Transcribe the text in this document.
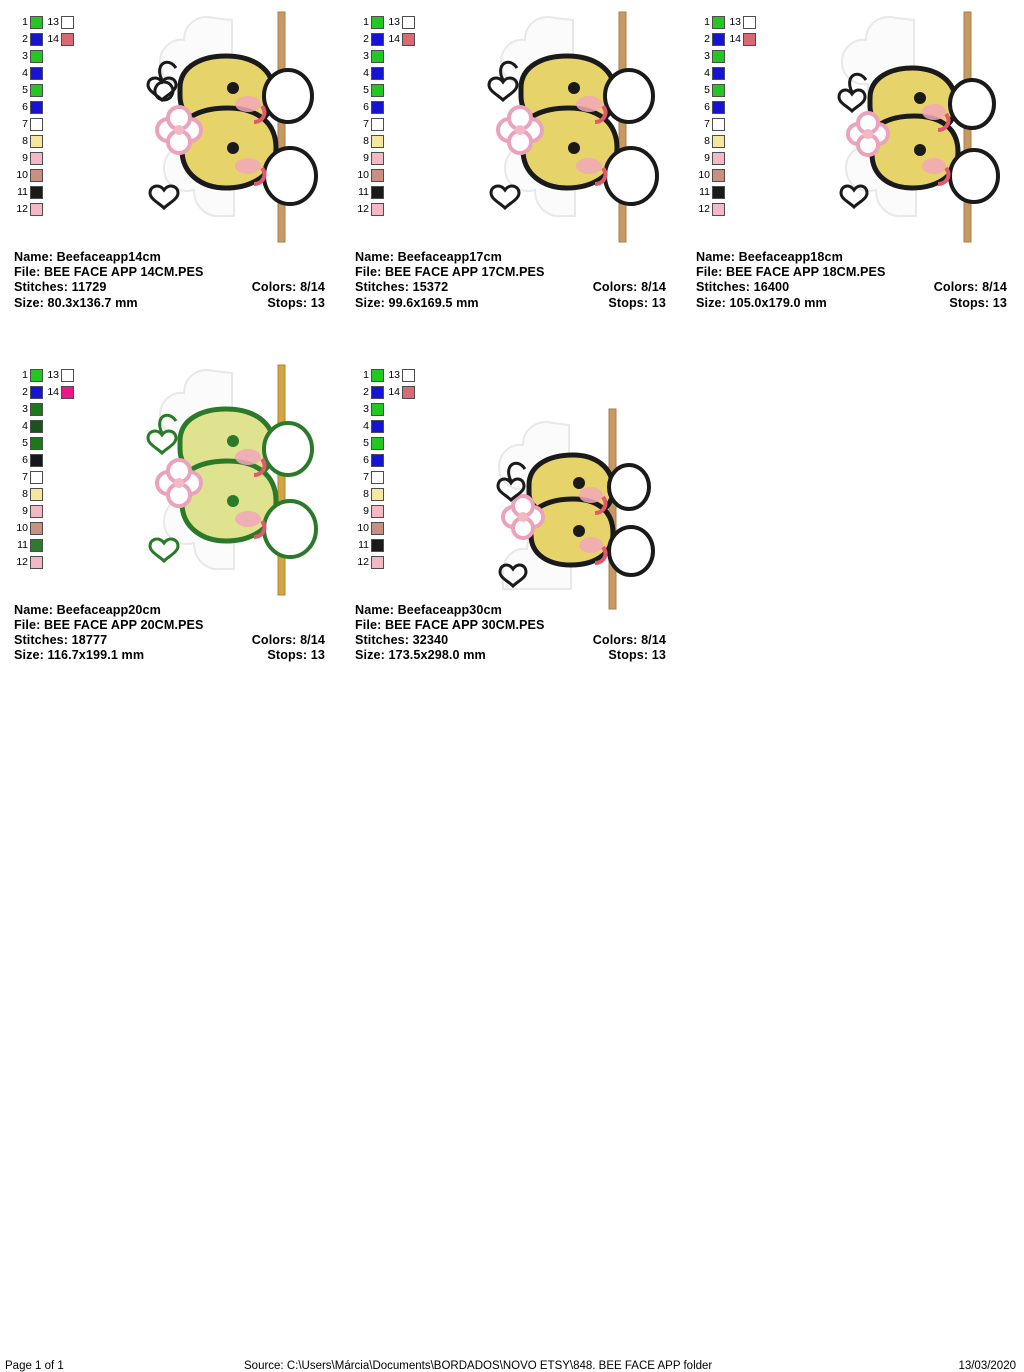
1	13
2	14
3
4
5
6
7
8
9
10
11
12
Name: Beefaceapp14cm
File: BEE FACE APP 14CM.PES
Stitches: 11729	Colors: 8/14
Size: 80.3x136.7 mm	Stops: 13
1	13
2	14
3
4
5
6
7
8
9
10
11
12
Name: Beefaceapp17cm
File: BEE FACE APP 17CM.PES
Stitches: 15372	Colors: 8/14
Size: 99.6x169.5 mm	Stops: 13
1	13
2	14
3
4
5
6
7
8
9
10
11
12
Name: Beefaceapp18cm
File: BEE FACE APP 18CM.PES
Stitches: 16400	Colors: 8/14
Size: 105.0x179.0 mm	Stops: 13
1	13
2	14
3
4
5
6
7
8
9
10
11
12
Name: Beefaceapp20cm
File: BEE FACE APP 20CM.PES
Stitches: 18777	Colors: 8/14
Size: 116.7x199.1 mm	Stops: 13
1	13
2	14
3
4
5
6
7
8
9
10
11
12
Name: Beefaceapp30cm
File: BEE FACE APP 30CM.PES
Stitches: 32340	Colors: 8/14
Size: 173.5x298.0 mm	Stops: 13
Page 1 of 1	Source: C:\Users\Márcia\Documents\BORDADOS\NOVO ETSY\848. BEE FACE APP folder	13/03/2020
